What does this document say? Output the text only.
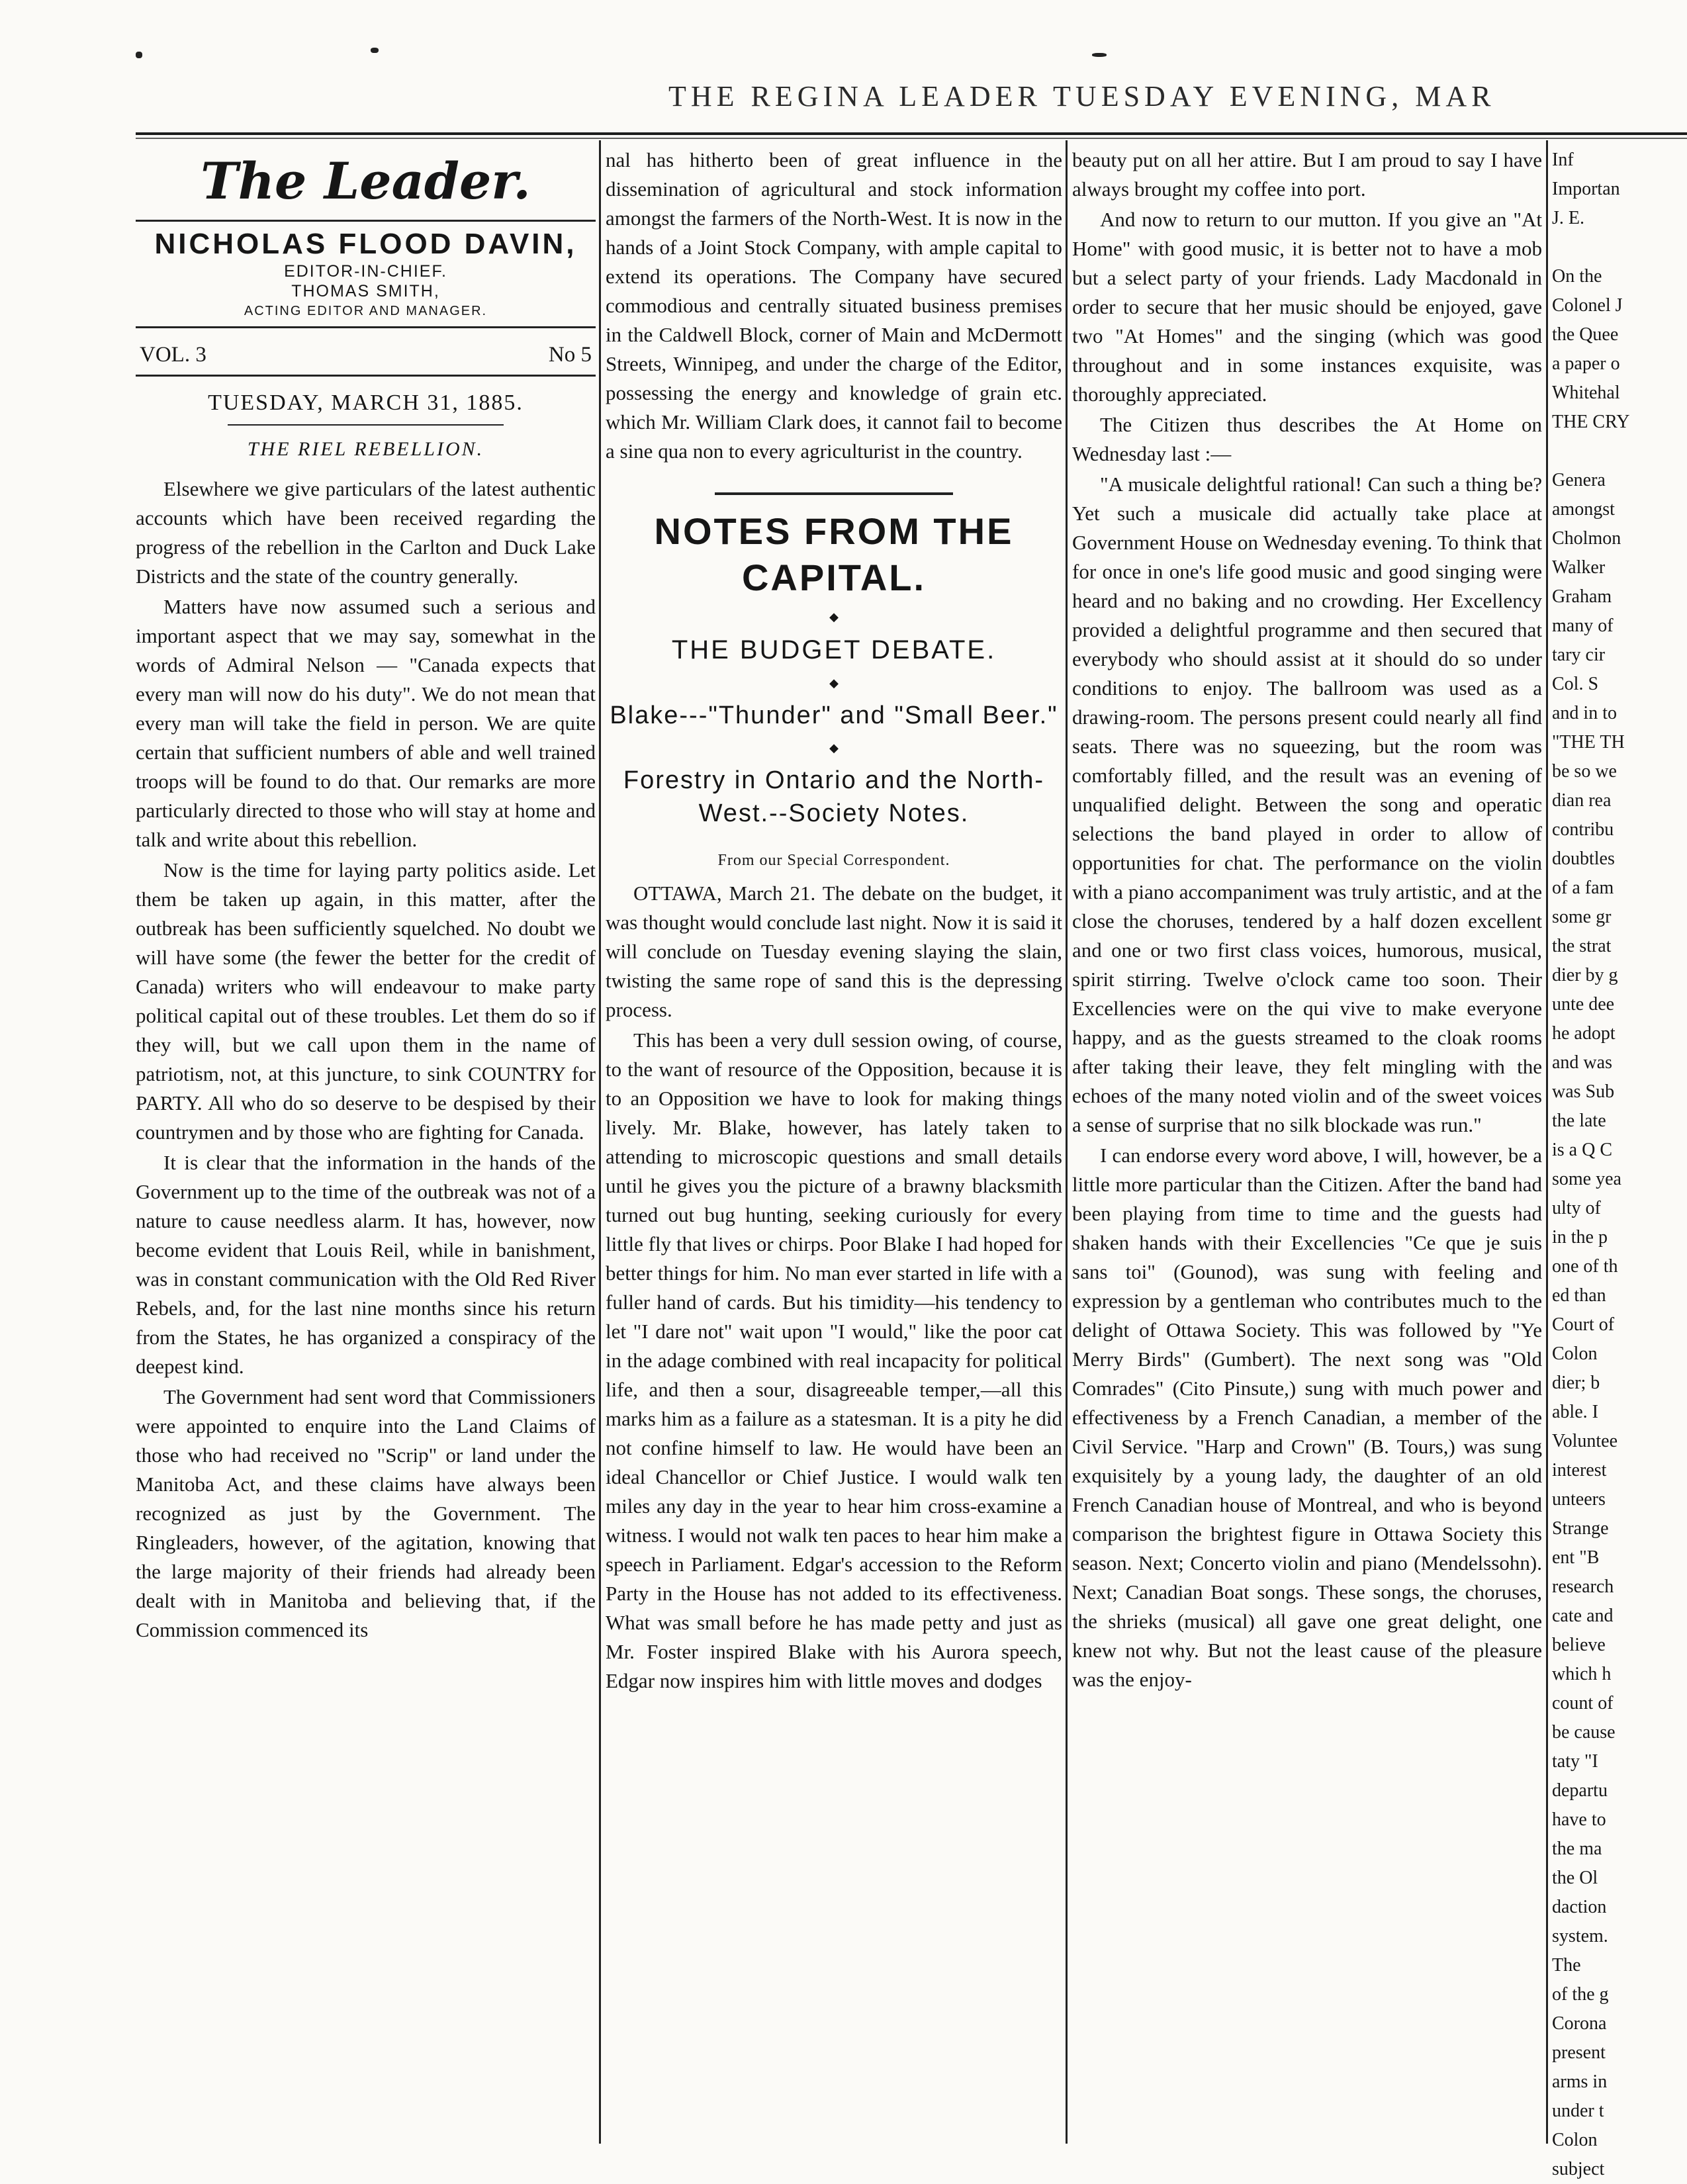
THE REGINA LEADER TUESDAY EVENING, MAR
The Leader.
NICHOLAS FLOOD DAVIN,
EDITOR-IN-CHIEF.
THOMAS SMITH,
ACTING EDITOR AND MANAGER.
VOL. 3	No 5
TUESDAY, MARCH 31, 1885.
THE RIEL REBELLION.

Elsewhere we give particulars of the latest authentic accounts which have been received regarding the progress of the rebellion in the Carlton and Duck Lake Districts and the state of the country generally.

Matters have now assumed such a serious and important aspect that we may say, somewhat in the words of Admiral Nelson — "Canada expects that every man will now do his duty". We do not mean that every man will take the field in person. We are quite certain that sufficient numbers of able and well trained troops will be found to do that. Our remarks are more particularly directed to those who will stay at home and talk and write about this rebellion.

Now is the time for laying party politics aside. Let them be taken up again, in this matter, after the outbreak has been sufficiently squelched. No doubt we will have some (the fewer the better for the credit of Canada) writers who will endeavour to make party political capital out of these troubles. Let them do so if they will, but we call upon them in the name of patriotism, not, at this juncture, to sink COUNTRY for PARTY. All who do so deserve to be despised by their countrymen and by those who are fighting for Canada.

It is clear that the information in the hands of the Government up to the time of the outbreak was not of a nature to cause needless alarm. It has, however, now become evident that Louis Reil, while in banishment, was in constant communication with the Old Red River Rebels, and, for the last nine months since his return from the States, he has organized a conspiracy of the deepest kind.

The Government had sent word that Commissioners were appointed to enquire into the Land Claims of those who had received no "Scrip" or land under the Manitoba Act, and these claims have always been recognized as just by the Government. The Ringleaders, however, of the agitation, knowing that the large majority of their friends had already been dealt with in Manitoba and believing that, if the Commission commenced its

nal has hitherto been of great influence in the dissemination of agricultural and stock information amongst the farmers of the North-West. It is now in the hands of a Joint Stock Company, with ample capital to extend its operations. The Company have secured commodious and centrally situated business premises in the Caldwell Block, corner of Main and McDermott Streets, Winnipeg, and under the charge of the Editor, possessing the energy and knowledge of grain etc. which Mr. William Clark does, it cannot fail to become a sine qua non to every agriculturist in the country.

NOTES FROM THE CAPITAL.
◆
THE BUDGET DEBATE.
◆
Blake---"Thunder" and "Small Beer."
◆
Forestry in Ontario and the North-West.--Society Notes.
From our Special Correspondent.

OTTAWA, March 21. The debate on the budget, it was thought would conclude last night. Now it is said it will conclude on Tuesday evening slaying the slain, twisting the same rope of sand this is the depressing process.

This has been a very dull session owing, of course, to the want of resource of the Opposition, because it is to an Opposition we have to look for making things lively. Mr. Blake, however, has lately taken to attending to microscopic questions and small details until he gives you the picture of a brawny blacksmith turned out bug hunting, seeking curiously for every little fly that lives or chirps. Poor Blake I had hoped for better things for him. No man ever started in life with a fuller hand of cards. But his timidity—his tendency to let "I dare not" wait upon "I would," like the poor cat in the adage combined with real incapacity for political life, and then a sour, disagreeable temper,—all this marks him as a failure as a statesman. It is a pity he did not confine himself to law. He would have been an ideal Chancellor or Chief Justice. I would walk ten miles any day in the year to hear him cross-examine a witness. I would not walk ten paces to hear him make a speech in Parliament. Edgar's accession to the Reform Party in the House has not added to its effectiveness. What was small before he has made petty and just as Mr. Foster inspired Blake with his Aurora speech, Edgar now inspires him with little moves and dodges

beauty put on all her attire. But I am proud to say I have always brought my coffee into port.

And now to return to our mutton. If you give an "At Home" with good music, it is better not to have a mob but a select party of your friends. Lady Macdonald in order to secure that her music should be enjoyed, gave two "At Homes" and the singing (which was good throughout and in some instances exquisite, was thoroughly appreciated.

The Citizen thus describes the At Home on Wednesday last :—

"A musicale delightful rational! Can such a thing be? Yet such a musicale did actually take place at Government House on Wednesday evening. To think that for once in one's life good music and good singing were heard and no baking and no crowding. Her Excellency provided a delightful programme and then secured that everybody who should assist at it should do so under conditions to enjoy. The ballroom was used as a drawing-room. The persons present could nearly all find seats. There was no squeezing, but the room was comfortably filled, and the result was an evening of unqualified delight. Between the song and operatic selections the band played in order to allow of opportunities for chat. The performance on the violin with a piano accompaniment was truly artistic, and at the close the choruses, tendered by a half dozen excellent and one or two first class voices, humorous, musical, spirit stirring. Twelve o'clock came too soon. Their Excellencies were on the qui vive to make everyone happy, and as the guests streamed to the cloak rooms after taking their leave, they felt mingling with the echoes of the many noted violin and of the sweet voices a sense of surprise that no silk blockade was run."

I can endorse every word above, I will, however, be a little more particular than the Citizen. After the band had been playing from time to time and the guests had shaken hands with their Excellencies "Ce que je suis sans toi" (Gounod), was sung with feeling and expression by a gentleman who contributes much to the delight of Ottawa Society. This was followed by "Ye Merry Birds" (Gumbert). The next song was "Old Comrades" (Cito Pinsute,) sung with much power and effectiveness by a French Canadian, a member of the Civil Service. "Harp and Crown" (B. Tours,) was sung exquisitely by a young lady, the daughter of an old French Canadian house of Montreal, and who is beyond comparison the brightest figure in Ottawa Society this season. Next; Concerto violin and piano (Mendelssohn). Next; Canadian Boat songs. These songs, the choruses, the shrieks (musical) all gave one great delight, one knew not why. But not the least cause of the pleasure was the enjoy-

Inf
Importan
J. E.

On the
Colonel J
the Quee
a paper o
Whitehal
THE CRY

Genera
amongst
Cholmon
Walker
Graham
many of
tary cir
Col. S
and in to
"THE TH
be so we
dian rea
contribu
doubtles
of a fam
some gr
the strat
dier by g
unte dee
he adopt
and was
was Sub
the late
is a Q C
some yea
ulty of
in the p
one of th
ed than
Court of
Colon
dier; b
able. I
Voluntee
interest
unteers
Strange
ent "B
research
cate and
believe
which h
count of
be cause
taty "I
departu
have to
the ma
the Ol
daction
system.
The
of the g
Corona
present
arms in
under t
Colon
subject
